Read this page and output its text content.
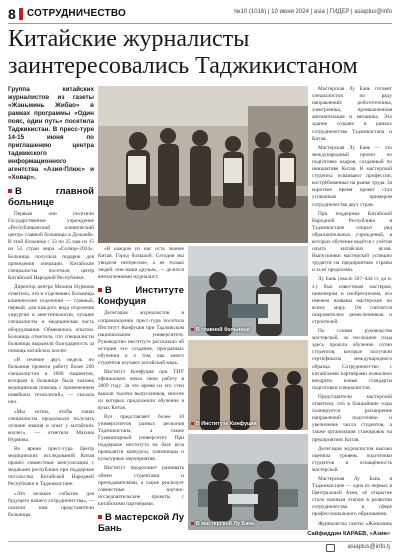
8 СОТРУДНИЧЕСТВО	№10 (1016) | 10 июня 2024 | asia | ГИДЕР | asiaplus@info
Китайские журналисты заинтересовались Таджикистаном
Группа китайских журналистов из газеты «Жэньминь Жибао» в рамках программы «Один пояс, один путь» посетила Таджикистан. В пресс-туре 14-15 июня по приглашению центра таджикского информационного агентства «Азия-Плюс» и «Ховар».
В главной больнице

Первым они посетили Государственное учреждение «Республиканский клинический центр» главной больницы в Душанбе. В этой больнице с 23 по 25 мая из 15 из 53 стран мира «Солнце-2024». Больница получила подарок для проведения операции. Китайские специалисты посетили центр Китайской Народной Республики.

Директор центра Махина Нурмова отметила, что в отделениях больницы клинические отделения — главный, первый, для каждого вида отделения хирургии и анестезиологии, лучшие специалисты и медицинская часть оборудования. Обменялись опытом. Больница отметила, что специалисты больницы выразили благодарность за помощь китайских коллег.

«В течение двух недель по больнице провели работу более 200 специалистов и 1000 пациентов, которым в больнице была оказана медицинская помощь с применением новейших технологий», — сказала она.

«Мы хотим, чтобы наши специалисты продолжали получать лучшие знания и опыт у китайских коллег», — отметила Махина Нурмова.

Во время пресс-тура Центр медицинских исследований Китая провёл совместные консультации с медиками республики при поддержке посольства Китайской Народной Республики в Таджикистане.

«Это великое событие для будущего нашего сотрудничества», — сказали нам представители больницы.

«В каждом из нас есть знание Китая. Город большой. Сегодня мы увидели интересное, а не только людей: они наши друзья», — делится впечатлениями журналист.

В Институте Конфуция

Делегация журналистов в сопровождении пресс-тура посетила Институт Конфуция при Таджикском национальном университете. Руководство института рассказало об истории его создания, программах обучения и о том, как много студентов изучают китайский язык.

Институт Конфуция при ТНУ официально начал свою работу в 2009 году. За это время из его стен вышли тысячи выпускников, многие из которых продолжили обучение в вузах Китая.

Вуз представляет более 10 университетов разных регионов Таджикистана, а также Гуманитарный университет. При поддержке института на базе вуза проводятся конкурсы, олимпиады и культурные мероприятия.

Институт продолжает развивать обмен студентами и преподавателями, а также реализует совместные научно-исследовательские проекты с китайскими партнёрами.

В мастерской Лу Бань

В главной больнице
В Институте Конфуция
В мастерской Лу Бань

Мастерская Лу Бань готовит специалистов по ряду направлений: робототехника, электроника, промышленная автоматизация и механика. Это здание создано в рамках сотрудничества Таджикистана и Китая.

Мастерская Лу Бань — это международный проект по подготовке кадров, созданный по инициативе Китая. В мастерской студенты осваивают профессии, востребованные на рынке труда. За короткое время проект стал успешным примером сотрудничества двух стран.

При поддержке Китайской Народной Республики в Таджикистане открыт ряд образовательных учреждений, в которых обучение ведётся с учётом опыта китайских вузов. Выпускники мастерской успешно трудятся на предприятиях страны и за её пределами.

Лу Бань (около 507–444 гг. до н. э.) был известным мастером, инженером и изобретателем, его именем названы мастерские по всему миру. Он считается покровителем ремесленников и строителей.

По словам руководства мастерской, за последние годы здесь прошли обучение сотни студентов, которые получили сертификаты международного образца. Сотрудничество с китайскими партнёрами позволило внедрить новые стандарты подготовки специалистов.

Представители мастерской отметили, что в ближайшие годы планируется расширение направлений подготовки и увеличение числа студентов, а также организация стажировок на предприятиях Китая.

Делегация журналистов высоко оценила уровень подготовки студентов и оснащённость мастерской.

Мастерская Лу Бань в Таджикистане — одна из первых в Центральной Азии, её открытие стало важным этапом в развитии сотрудничества в сфере профессионального образования.

Журналисты газеты «Жэньминь

Сайфиддин КАРАЕВ, «Азия»
asiaplus@info.tj
